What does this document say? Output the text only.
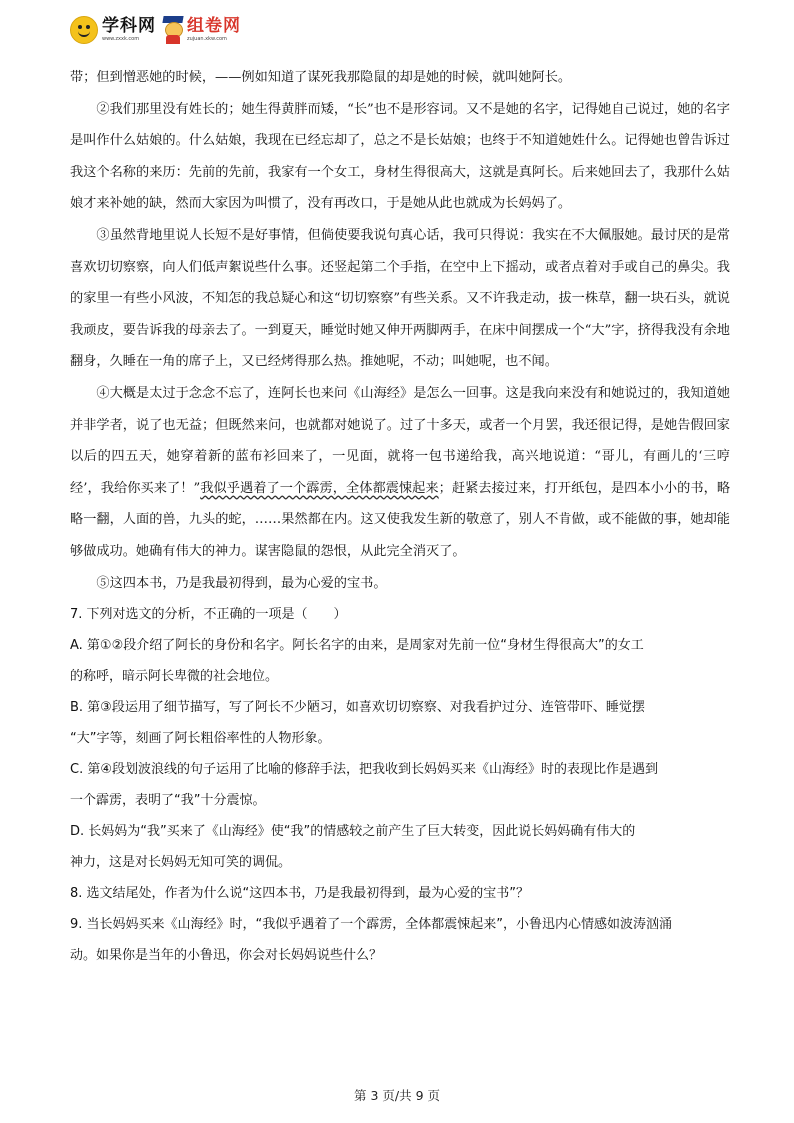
学科网
www.zxxk.com
组卷网
zujuan.xkw.com

带；但到憎恶她的时候，——例如知道了谋死我那隐鼠的却是她的时候，就叫她阿长。

②我们那里没有姓长的；她生得黄胖而矮，“长”也不是形容词。又不是她的名字，记得她自己说过，她的名字是叫作什么姑娘的。什么姑娘，我现在已经忘却了，总之不是长姑娘；也终于不知道她姓什么。记得她也曾告诉过我这个名称的来历：先前的先前，我家有一个女工，身材生得很高大，这就是真阿长。后来她回去了，我那什么姑娘才来补她的缺，然而大家因为叫惯了，没有再改口，于是她从此也就成为长妈妈了。

③虽然背地里说人长短不是好事情，但倘使要我说句真心话，我可只得说：我实在不大佩服她。最讨厌的是常喜欢切切察察，向人们低声絮说些什么事。还竖起第二个手指，在空中上下摇动，或者点着对手或自己的鼻尖。我的家里一有些小风波，不知怎的我总疑心和这“切切察察”有些关系。又不许我走动，拔一株草，翻一块石头，就说我顽皮，要告诉我的母亲去了。一到夏天，睡觉时她又伸开两脚两手，在床中间摆成一个“大”字，挤得我没有余地翻身，久睡在一角的席子上，又已经烤得那么热。推她呢，不动；叫她呢，也不闻。

④大概是太过于念念不忘了，连阿长也来问《山海经》是怎么一回事。这是我向来没有和她说过的，我知道她并非学者，说了也无益；但既然来问，也就都对她说了。过了十多天，或者一个月罢，我还很记得，是她告假回家以后的四五天，她穿着新的蓝布衫回来了，一见面，就将一包书递给我，高兴地说道：“哥儿，有画儿的‘三哼经’，我给你买来了！”我似乎遇着了一个霹雳，全体都震悚起来；赶紧去接过来，打开纸包，是四本小小的书，略略一翻，人面的兽，九头的蛇，……果然都在内。这又使我发生新的敬意了，别人不肯做，或不能做的事，她却能够做成功。她确有伟大的神力。谋害隐鼠的怨恨，从此完全消灭了。

⑤这四本书，乃是我最初得到，最为心爱的宝书。

7. 下列对选文的分析，不正确的一项是（　　）

A. 第①②段介绍了阿长的身份和名字。阿长名字的由来，是周家对先前一位“身材生得很高大”的女工

的称呼，暗示阿长卑微的社会地位。

B. 第③段运用了细节描写，写了阿长不少陋习，如喜欢切切察察、对我看护过分、连管带吓、睡觉摆

“大”字等，刻画了阿长粗俗率性的人物形象。

C. 第④段划波浪线的句子运用了比喻的修辞手法，把我收到长妈妈买来《山海经》时的表现比作是遇到

一个霹雳，表明了“我”十分震惊。

D. 长妈妈为“我”买来了《山海经》使“我”的情感较之前产生了巨大转变，因此说长妈妈确有伟大的

神力，这是对长妈妈无知可笑的调侃。

8. 选文结尾处，作者为什么说“这四本书，乃是我最初得到，最为心爱的宝书”？

9. 当长妈妈买来《山海经》时，“我似乎遇着了一个霹雳，全体都震悚起来”，小鲁迅内心情感如波涛汹涌

动。如果你是当年的小鲁迅，你会对长妈妈说些什么？

第 3 页/共 9 页
